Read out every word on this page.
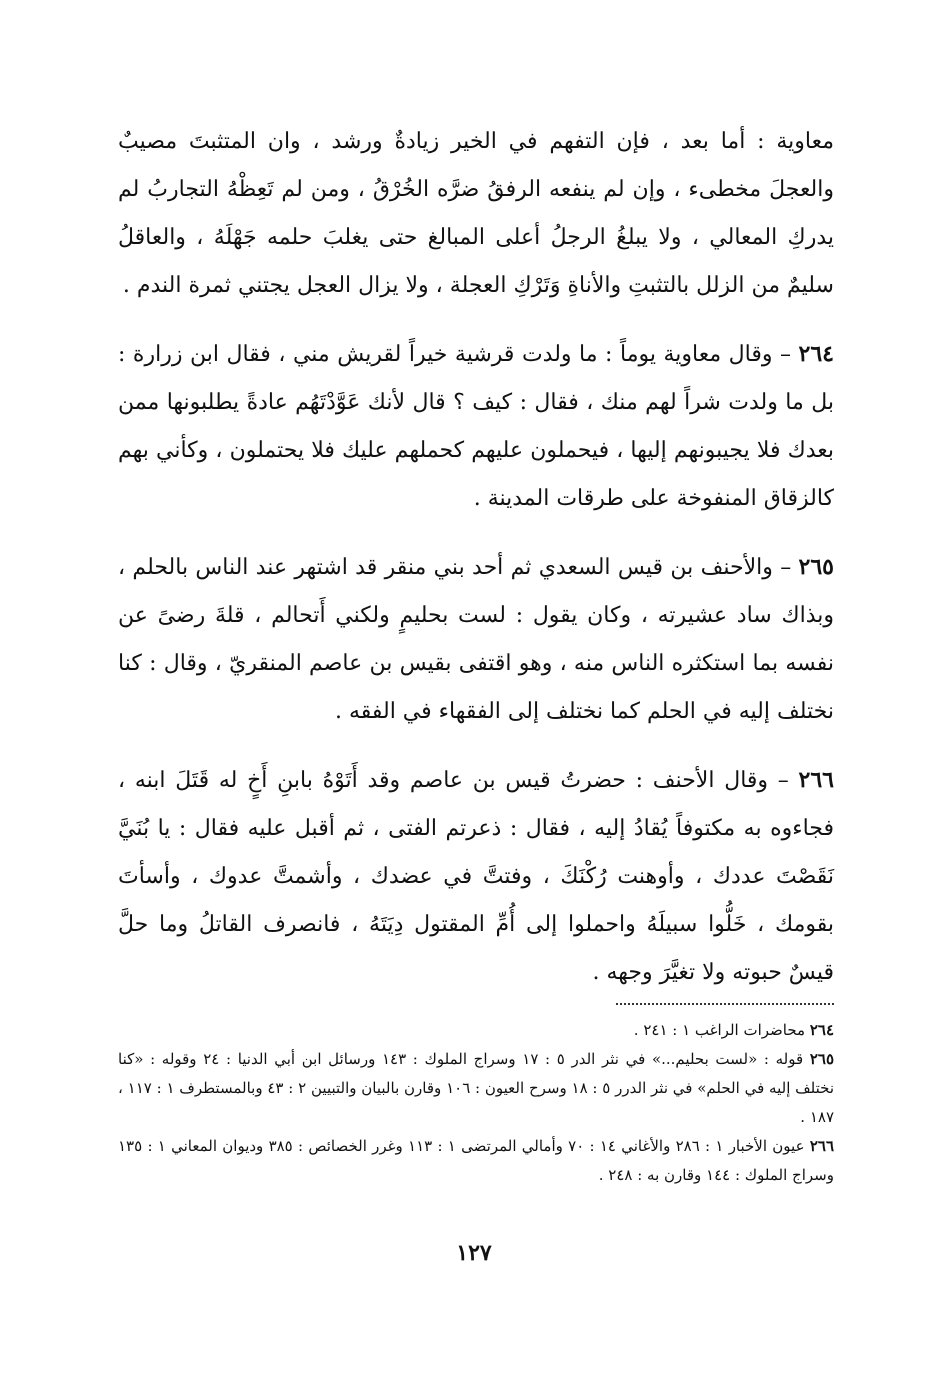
معاوية : أما بعد ، فإن التفهم في الخير زيادةٌ ورشد ، وان المتثبتَ مصيبٌ والعجلَ مخطىء ، وإن لم ينفعه الرفقُ ضرَّه الخُرْقُ ، ومن لم تَعِظْهُ التجاربُ لم يدركِ المعالي ، ولا يبلغُ الرجلُ أعلى المبالغ حتى يغلبَ حلمه جَهْلَهُ ، والعاقلُ سليمٌ من الزلل بالتثبتِ والأناةِ وَتَرْكِ العجلة ، ولا يزال العجل يجتني ثمرة الندم .

٢٦٤ – وقال معاوية يوماً : ما ولدت قرشية خيراً لقريش مني ، فقال ابن زرارة : بل ما ولدت شراً لهم منك ، فقال : كيف ؟ قال لأنك عَوَّدْتَهُم عادةً يطلبونها ممن بعدك فلا يجيبونهم إليها ، فيحملون عليهم كحملهم عليك فلا يحتملون ، وكأني بهم كالزقاق المنفوخة على طرقات المدينة .

٢٦٥ – والأحنف بن قيس السعدي ثم أحد بني منقر قد اشتهر عند الناس بالحلم ، وبذاك ساد عشيرته ، وكان يقول : لست بحليمٍ ولكني أَتحالم ، قلةَ رضىً عن نفسه بما استكثره الناس منه ، وهو اقتفى بقيس بن عاصم المنقريّ ، وقال : كنا نختلف إليه في الحلم كما نختلف إلى الفقهاء في الفقه .

٢٦٦ – وقال الأحنف : حضرتُ قيس بن عاصم وقد أَتَوْهُ بابنِ أَخٍ له قَتَلَ ابنه ، فجاءوه به مكتوفاً يُقادُ إليه ، فقال : ذعرتم الفتى ، ثم أقبل عليه فقال : يا بُنَيَّ نَقَصْتَ عددك ، وأوهنت رُكْنَكَ ، وفتتَّ في عضدك ، وأشمتَّ عدوك ، وأسأتَ بقومك ، خَلُّوا سبيلَهُ واحملوا إلى أُمِّ المقتول دِيَتَهُ ، فانصرف القاتلُ وما حلَّ قيسٌ حبوته ولا تغيَّرَ وجهه .

٢٦٤ محاضرات الراغب ١ : ٢٤١ .

٢٦٥ قوله : «لست بحليم...» في نثر الدر ٥ : ١٧ وسراج الملوك : ١٤٣ ورسائل ابن أبي الدنيا : ٢٤ وقوله : «كنا نختلف إليه في الحلم» في نثر الدرر ٥ : ١٨ وسرح العيون : ١٠٦ وقارن بالبيان والتبيين ٢ : ٤٣ وبالمستطرف ١ : ١١٧ ، ١٨٧ .

٢٦٦ عيون الأخبار ١ : ٢٨٦ والأغاني ١٤ : ٧٠ وأمالي المرتضى ١ : ١١٣ وغرر الخصائص : ٣٨٥ وديوان المعاني ١ : ١٣٥ وسراج الملوك : ١٤٤ وقارن به : ٢٤٨ .

١٢٧
